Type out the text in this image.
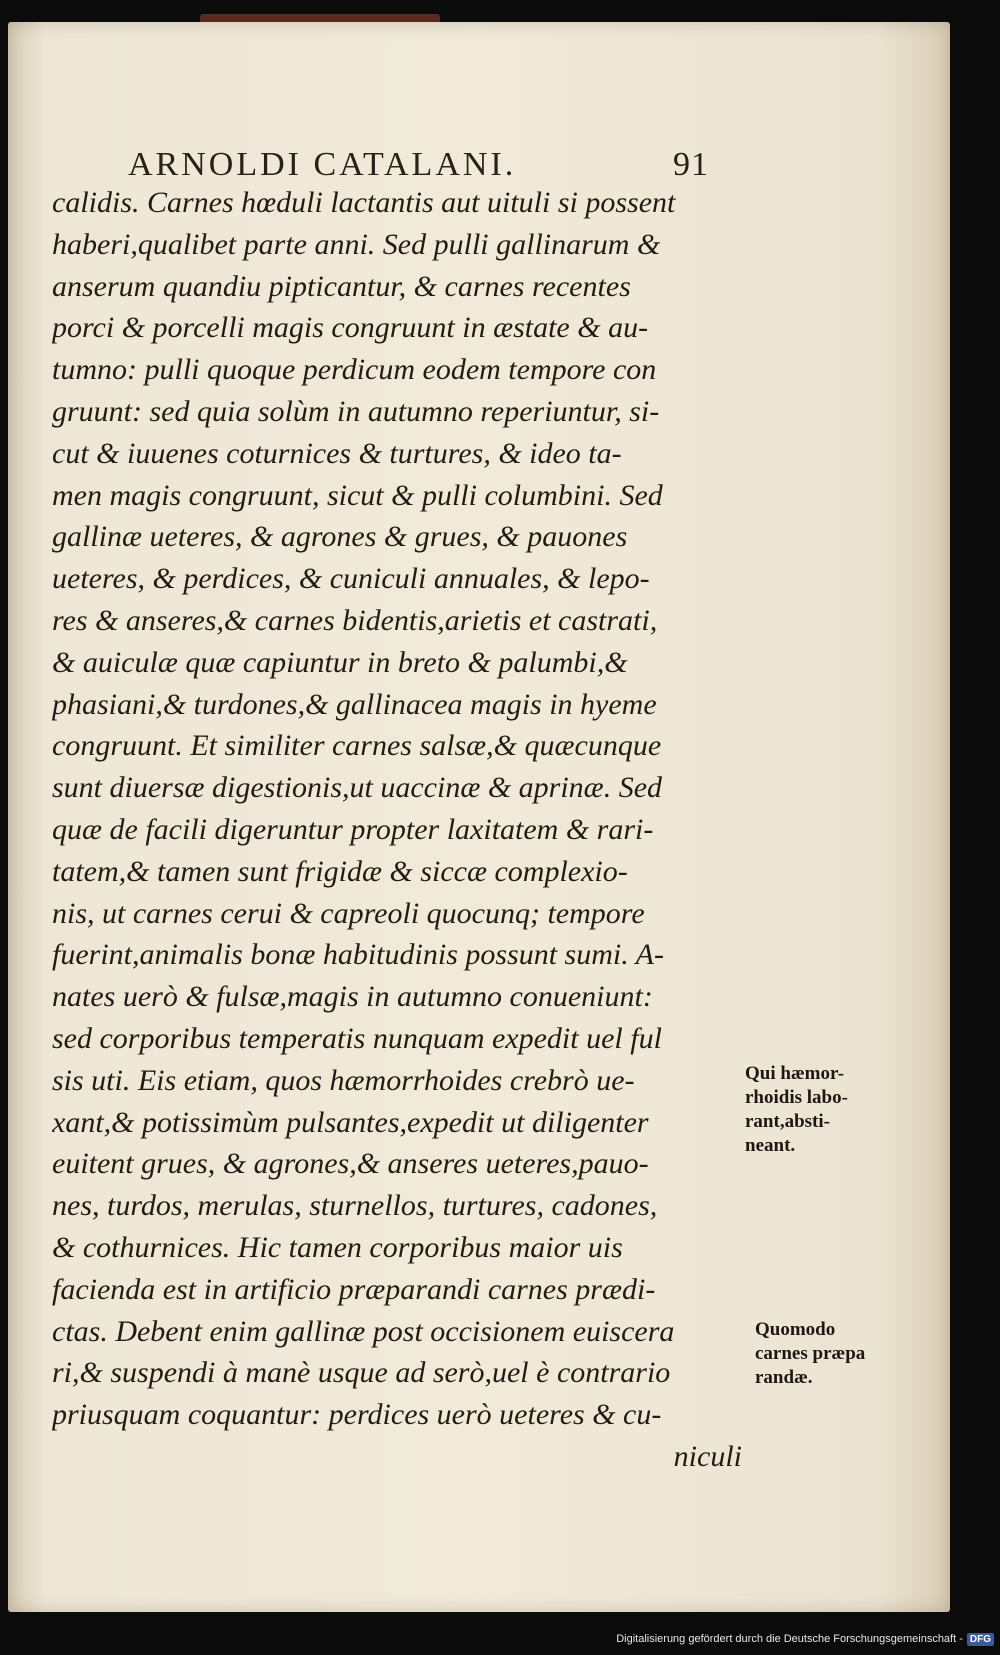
ARNOLDI CATALANI.	91
calidis. Carnes hœduli lactantis aut uituli si possent
haberi,qualibet parte anni. Sed pulli gallinarum &
anserum quandiu pipticantur, & carnes recentes
porci & porcelli magis congruunt in æstate & au-
tumno: pulli quoque perdicum eodem tempore con
gruunt: sed quia solùm in autumno reperiuntur, si-
cut & iuuenes coturnices & turtures, & ideo ta-
men magis congruunt, sicut & pulli columbini. Sed
gallinæ ueteres, & agrones & grues, & pauones
ueteres, & perdices, & cuniculi annuales, & lepo-
res & anseres,& carnes bidentis,arietis et castrati,
& auiculæ quæ capiuntur in breto & palumbi,&
phasiani,& turdones,& gallinacea magis in hyeme
congruunt. Et similiter carnes salsæ,& quæcunque
sunt diuersæ digestionis,ut uaccinæ & aprinæ. Sed
quæ de facili digeruntur propter laxitatem & rari-
tatem,& tamen sunt frigidæ & siccæ complexio-
nis, ut carnes cerui & capreoli quocunq; tempore
fuerint,animalis bonæ habitudinis possunt sumi. A-
nates uerò & fulsæ,magis in autumno conueniunt:
sed corporibus temperatis nunquam expedit uel ful
sis uti. Eis etiam, quos hæmorrhoides crebrò ue-
xant,& potissimùm pulsantes,expedit ut diligenter
euitent grues, & agrones,& anseres ueteres,pauo-
nes, turdos, merulas, sturnellos, turtures, cadones,
& cothurnices. Hic tamen corporibus maior uis
facienda est in artificio præparandi carnes prædi-
ctas. Debent enim gallinæ post occisionem euiscera
ri,& suspendi à manè usque ad serò,uel è contrario
priusquam coquantur: perdices uerò ueteres & cu-
niculi
Qui hæmor-
rhoidis labo-
rant,absti-
neant.
Quomodo
carnes præpa
randæ.
Digitalisierung gefördert durch die Deutsche Forschungsgemeinschaft - DFG
